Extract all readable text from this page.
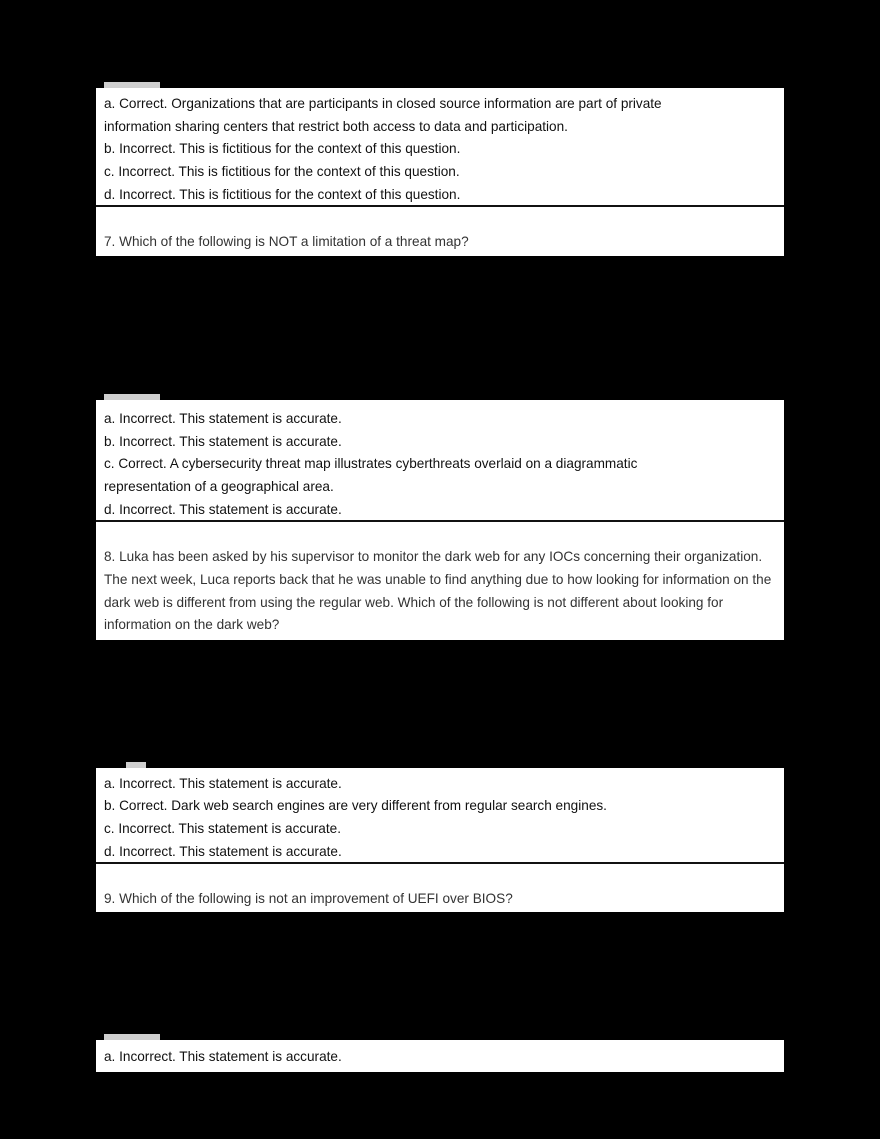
a. Correct. Organizations that are participants in closed source information are part of private
information sharing centers that restrict both access to data and participation.
b. Incorrect. This is fictitious for the context of this question.
c. Incorrect. This is fictitious for the context of this question.
d. Incorrect. This is fictitious for the context of this question.
7. Which of the following is NOT a limitation of a threat map?
a. Incorrect. This statement is accurate.
b. Incorrect. This statement is accurate.
c. Correct. A cybersecurity threat map illustrates cyberthreats overlaid on a diagrammatic
representation of a geographical area.
d. Incorrect. This statement is accurate.
8. Luka has been asked by his supervisor to monitor the dark web for any IOCs concerning their organization. The next week, Luca reports back that he was unable to find anything due to how looking for information on the dark web is different from using the regular web. Which of the following is not different about looking for information on the dark web?
a. Incorrect. This statement is accurate.
b. Correct. Dark web search engines are very different from regular search engines.
c. Incorrect. This statement is accurate.
d. Incorrect. This statement is accurate.
9. Which of the following is not an improvement of UEFI over BIOS?
a. Incorrect. This statement is accurate.
